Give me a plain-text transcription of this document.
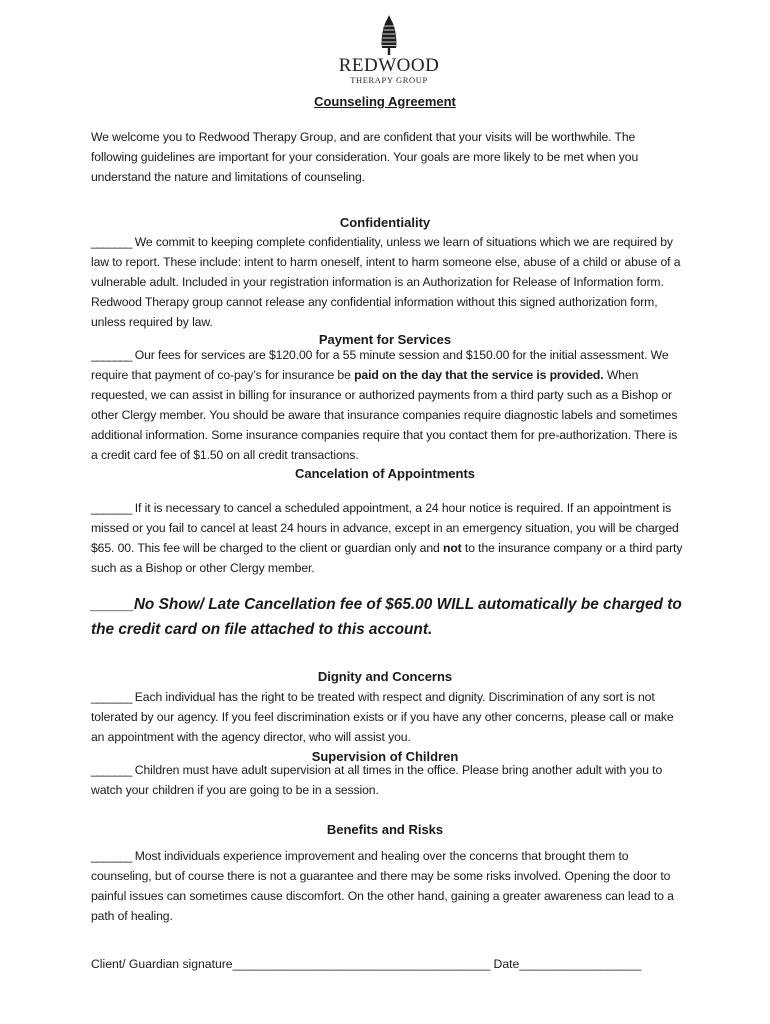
REDWOOD
THERAPY GROUP
Counseling Agreement
We welcome you to Redwood Therapy Group, and are confident that your visits will be worthwhile. The following guidelines are important for your consideration. Your goals are more likely to be met when you understand the nature and limitations of counseling.
Confidentiality
_______ We commit to keeping complete confidentiality, unless we learn of situations which we are required by law to report. These include: intent to harm oneself, intent to harm someone else, abuse of a child or abuse of a vulnerable adult. Included in your registration information is an Authorization for Release of Information form. Redwood Therapy group cannot release any confidential information without this signed authorization form, unless required by law.
Payment for Services
_______ Our fees for services are $120.00 for a 55 minute session and $150.00 for the initial assessment. We require that payment of co-pay’s for insurance be paid on the day that the service is provided. When requested, we can assist in billing for insurance or authorized payments from a third party such as a Bishop or other Clergy member. You should be aware that insurance companies require diagnostic labels and sometimes additional information. Some insurance companies require that you contact them for pre-authorization. There is a credit card fee of $1.50 on all credit transactions.
Cancelation of Appointments
_______ If it is necessary to cancel a scheduled appointment, a 24 hour notice is required. If an appointment is missed or you fail to cancel at least 24 hours in advance, except in an emergency situation, you will be charged $65. 00. This fee will be charged to the client or guardian only and not to the insurance company or a third party such as a Bishop or other Clergy member.
_____No Show/ Late Cancellation fee of $65.00 WILL automatically be charged to the credit card on file attached to this account.
Dignity and Concerns
_______ Each individual has the right to be treated with respect and dignity. Discrimination of any sort is not tolerated by our agency. If you feel discrimination exists or if you have any other concerns, please call or make an appointment with the agency director, who will assist you.
Supervision of Children
_______ Children must have adult supervision at all times in the office. Please bring another adult with you to watch your children if you are going to be in a session.
Benefits and Risks
_______ Most individuals experience improvement and healing over the concerns that brought them to counseling, but of course there is not a guarantee and there may be some risks involved. Opening the door to painful issues can sometimes cause discomfort. On the other hand, gaining a greater awareness can lead to a path of healing.
Client/ Guardian signature______________________________________ Date__________________
